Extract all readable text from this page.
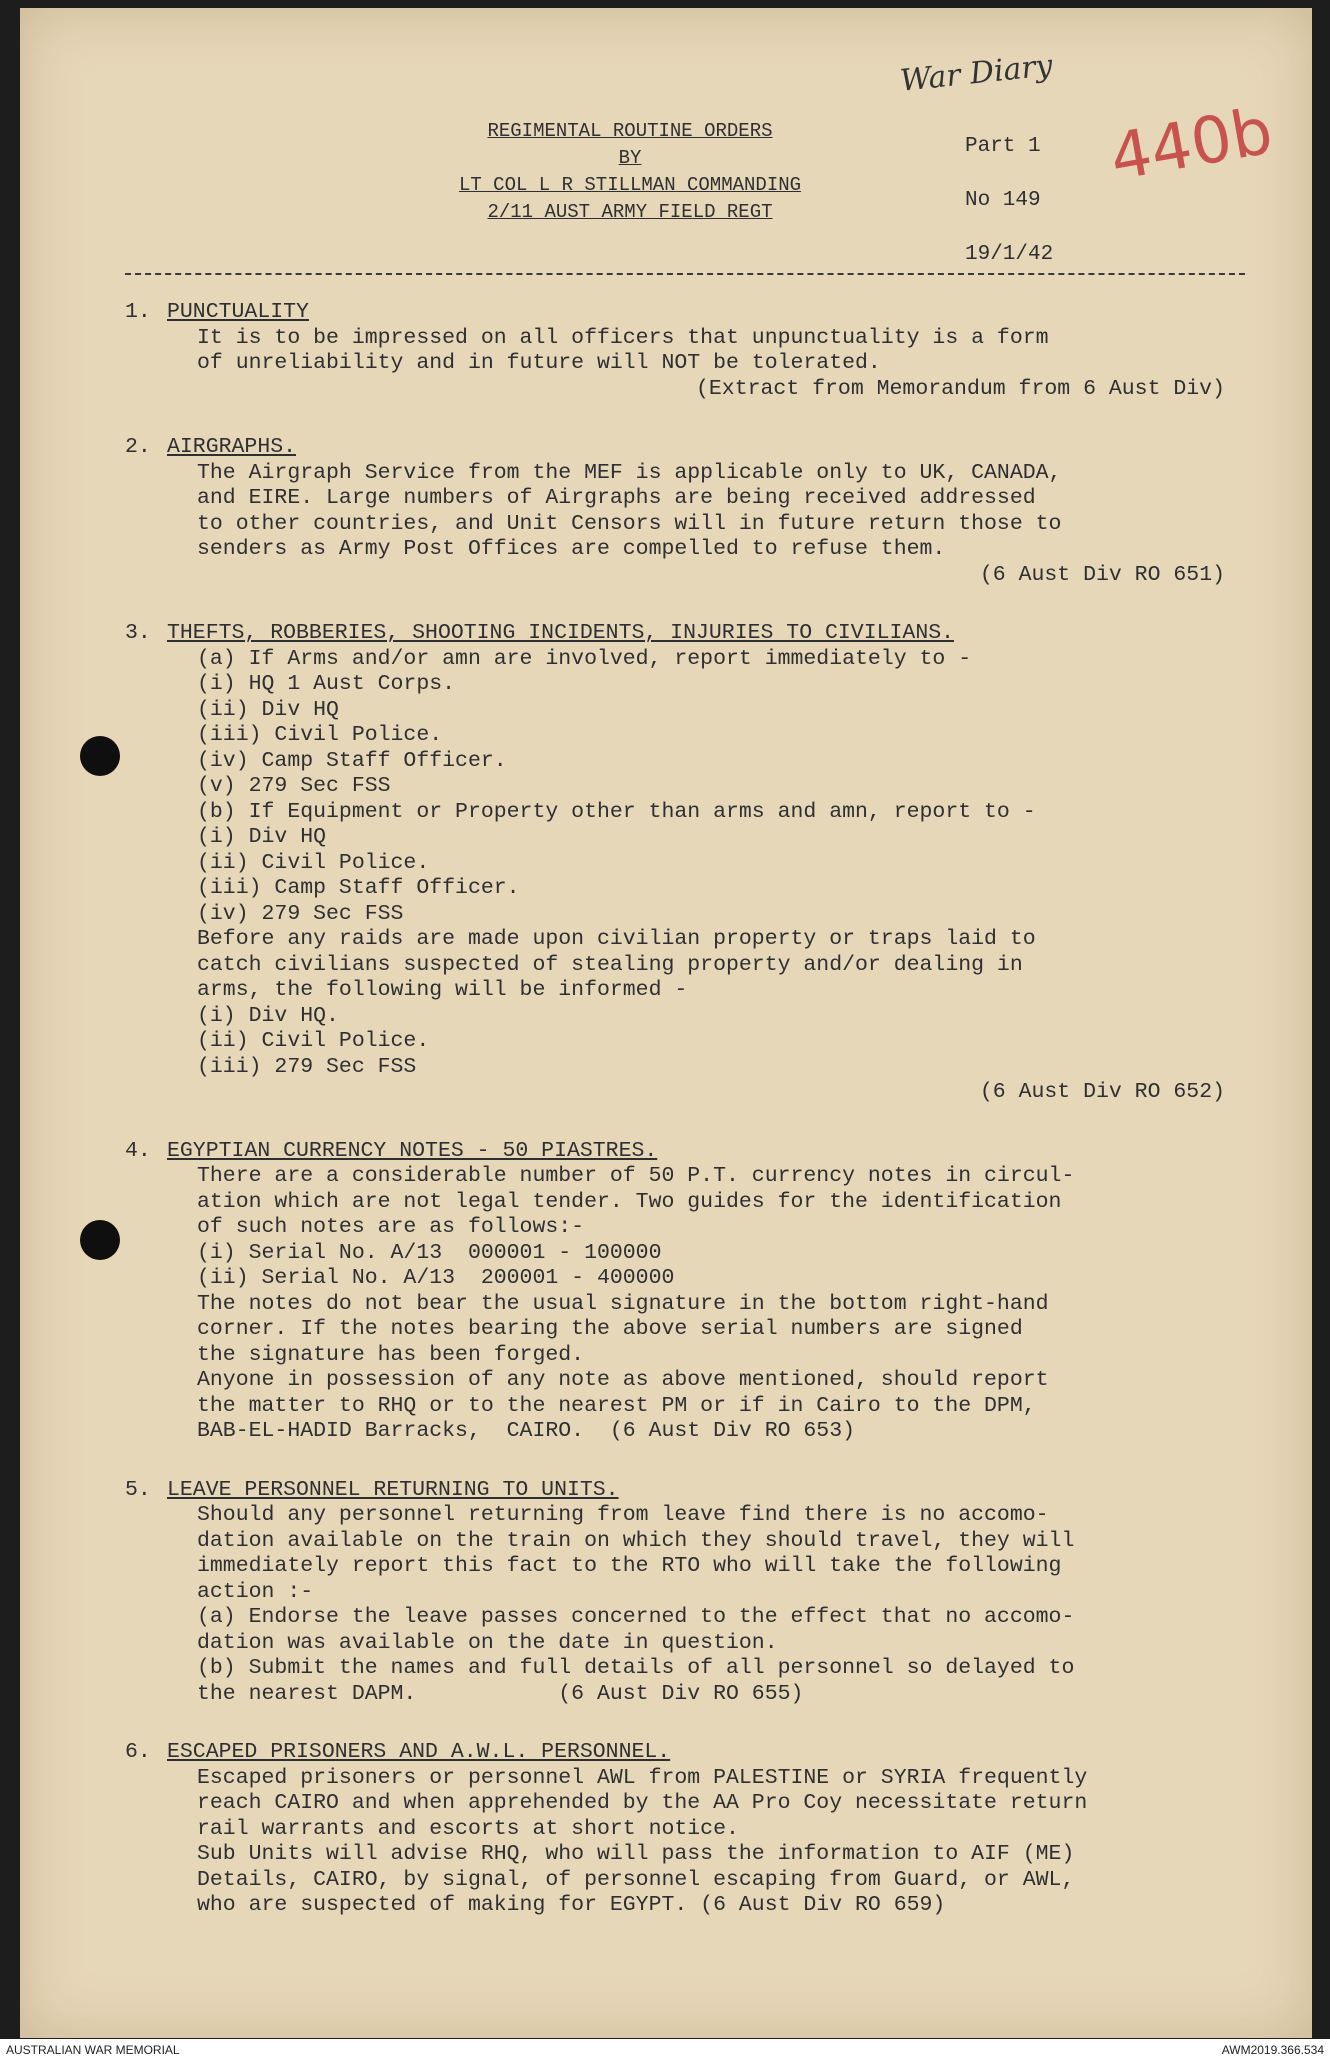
War Diary
440b
REGIMENTAL ROUTINE ORDERS
BY
LT COL L R STILLMAN COMMANDING
2/11 AUST ARMY FIELD REGT
Part 1
No 149
19/1/42
1. PUNCTUALITY
It is to be impressed on all officers that unpunctuality is a form
of unreliability and in future will NOT be tolerated.
(Extract from Memorandum from 6 Aust Div)
2. AIRGRAPHS.
The Airgraph Service from the MEF is applicable only to UK, CANADA,
and EIRE. Large numbers of Airgraphs are being received addressed
to other countries, and Unit Censors will in future return those to
senders as Army Post Offices are compelled to refuse them.
(6 Aust Div RO 651)
3. THEFTS, ROBBERIES, SHOOTING INCIDENTS, INJURIES TO CIVILIANS.
(a) If Arms and/or amn are involved, report immediately to -
(i) HQ 1 Aust Corps.
(ii) Div HQ
(iii) Civil Police.
(iv) Camp Staff Officer.
(v) 279 Sec FSS
(b) If Equipment or Property other than arms and amn, report to -
(i) Div HQ
(ii) Civil Police.
(iii) Camp Staff Officer.
(iv) 279 Sec FSS
Before any raids are made upon civilian property or traps laid to
catch civilians suspected of stealing property and/or dealing in
arms, the following will be informed -
(i) Div HQ.
(ii) Civil Police.
(iii) 279 Sec FSS
(6 Aust Div RO 652)
4. EGYPTIAN CURRENCY NOTES - 50 PIASTRES.
There are a considerable number of 50 P.T. currency notes in circul-
ation which are not legal tender. Two guides for the identification
of such notes are as follows:-
(i) Serial No. A/13  000001 - 100000
(ii) Serial No. A/13  200001 - 400000
The notes do not bear the usual signature in the bottom right-hand
corner. If the notes bearing the above serial numbers are signed
the signature has been forged.
Anyone in possession of any note as above mentioned, should report
the matter to RHQ or to the nearest PM or if in Cairo to the DPM,
BAB-EL-HADID Barracks,  CAIRO.  (6 Aust Div RO 653)
5. LEAVE PERSONNEL RETURNING TO UNITS.
Should any personnel returning from leave find there is no accomo-
dation available on the train on which they should travel, they will
immediately report this fact to the RTO who will take the following
action :-
(a) Endorse the leave passes concerned to the effect that no accomo-
dation was available on the date in question.
(b) Submit the names and full details of all personnel so delayed to
the nearest DAPM.           (6 Aust Div RO 655)
6. ESCAPED PRISONERS AND A.W.L. PERSONNEL.
Escaped prisoners or personnel AWL from PALESTINE or SYRIA frequently
reach CAIRO and when apprehended by the AA Pro Coy necessitate return
rail warrants and escorts at short notice.
Sub Units will advise RHQ, who will pass the information to AIF (ME)
Details, CAIRO, by signal, of personnel escaping from Guard, or AWL,
who are suspected of making for EGYPT. (6 Aust Div RO 659)
AUSTRALIAN WAR MEMORIAL	AWM2019.366.534
